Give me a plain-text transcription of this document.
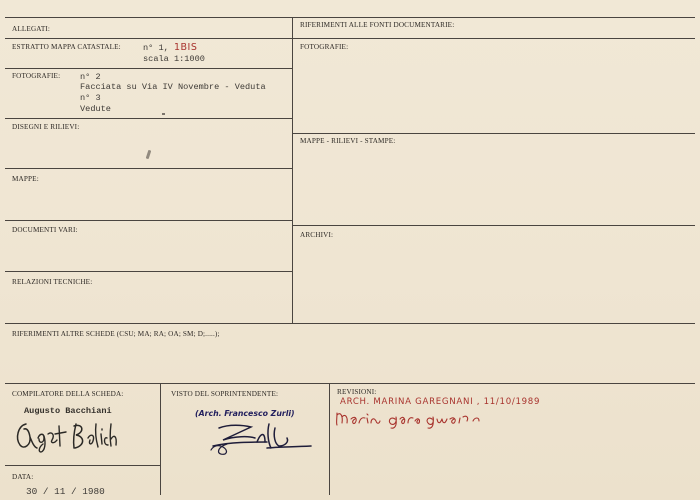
ALLEGATI:	RIFERIMENTI ALLE FONTI DOCUMENTARIE:
ESTRATTO MAPPA CATASTALE:	n° 1, 1BIS
scala 1:1000
FOTOGRAFIE:
FOTOGRAFIE: n° 2
Facciata su Via IV Novembre - Veduta
n° 3
Vedute
DISEGNI E RILIEVI:
MAPPE - RILIEVI - STAMPE:
MAPPE:
DOCUMENTI VARI:
ARCHIVI:
RELAZIONI TECNICHE:
RIFERIMENTI ALTRE SCHEDE (CSU; MA; RA; OA; SM; D;.....);
COMPILATORE DELLA SCHEDA:
Augusto Bacchiani
VISTO DEL SOPRINTENDENTE:
(Arch. Francesco Zurli)
REVISIONI:
ARCH. MARINA GAREGNANI , 11/10/1989
DATA:
30 / 11 / 1980
